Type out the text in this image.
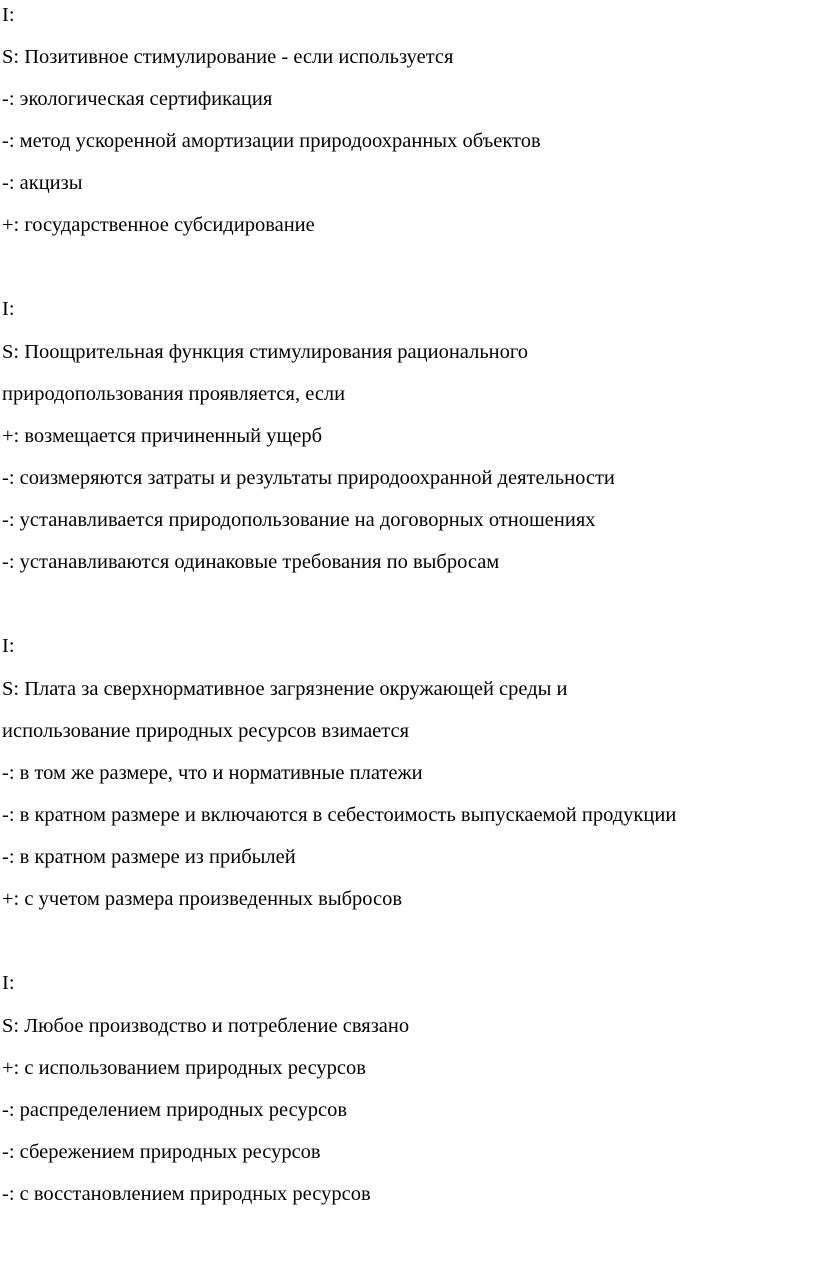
I:
S: Позитивное стимулирование - если используется
-: экологическая сертификация
-: метод ускоренной амортизации природоохранных объектов
-: акцизы
+: государственное субсидирование
I:
S: Поощрительная функция стимулирования рационального
природопользования проявляется, если
+: возмещается причиненный ущерб
-: соизмеряются затраты и результаты природоохранной деятельности
-: устанавливается природопользование на договорных отношениях
-: устанавливаются одинаковые требования по выбросам
I:
S: Плата за сверхнормативное загрязнение окружающей среды и
использование природных ресурсов взимается
-: в том же размере, что и нормативные платежи
-: в кратном размере и включаются в себестоимость выпускаемой продукции
-: в кратном размере из прибылей
+: с учетом размера произведенных выбросов
I:
S: Любое производство и потребление связано
+: с использованием природных ресурсов
-: распределением природных ресурсов
-: сбережением природных ресурсов
-: с восстановлением природных ресурсов
